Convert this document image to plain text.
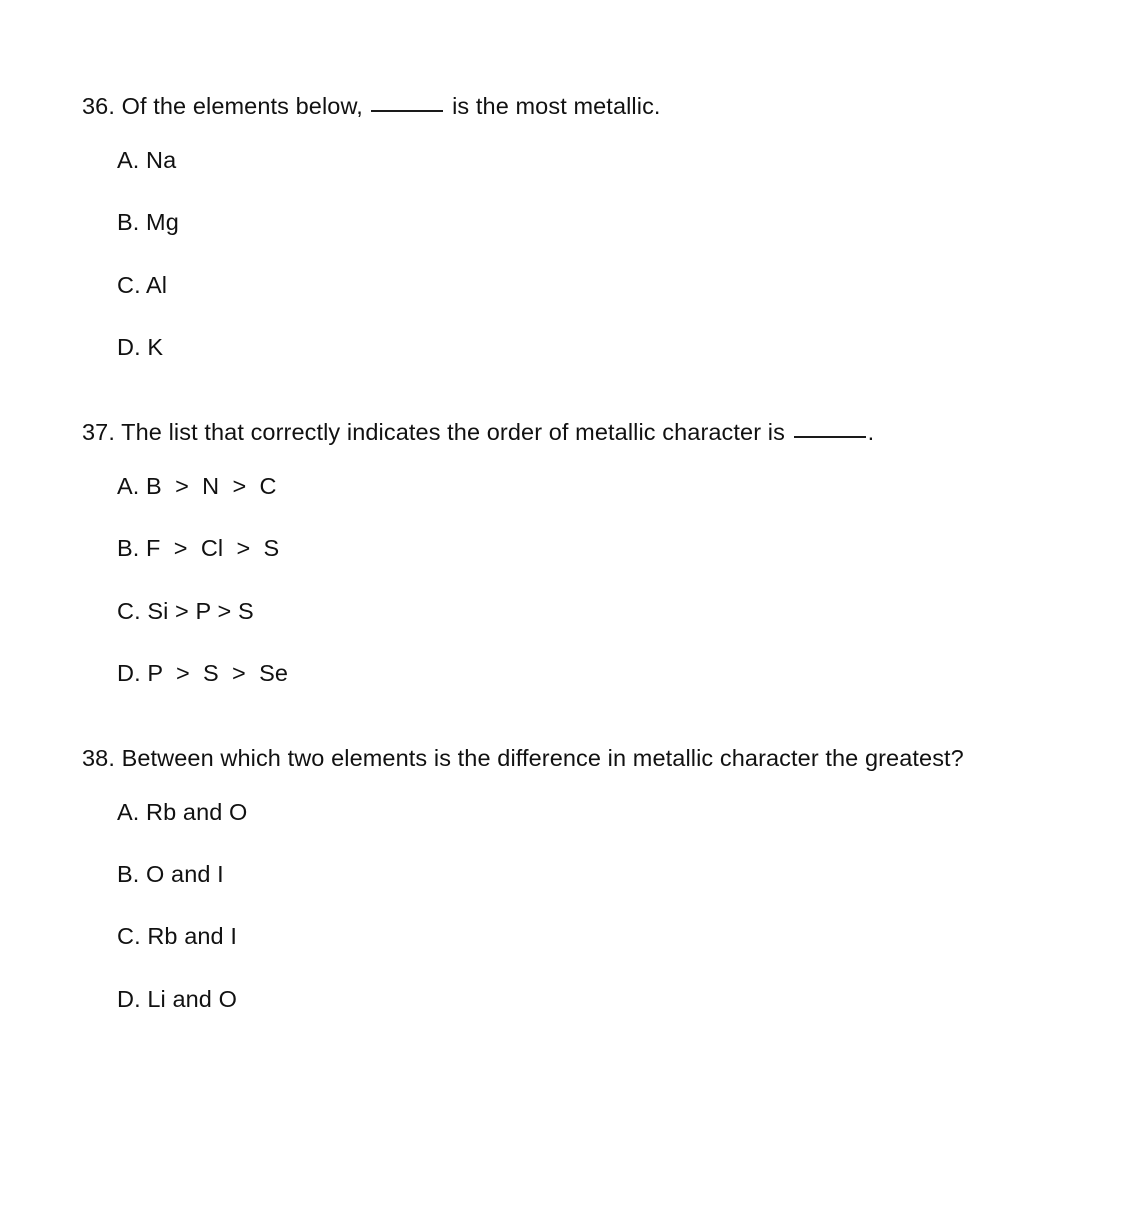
36. Of the elements below,	is the most metallic.

A. Na
B. Mg
C. Al
D. K

37. The list that correctly indicates the order of metallic character is	.

A. B  >  N  >  C
B. F  >  Cl  >  S
C. Si > P > S
D. P  >  S  >  Se

38. Between which two elements is the difference in metallic character the greatest?

A. Rb and O
B. O and I
C. Rb and I
D. Li and O
